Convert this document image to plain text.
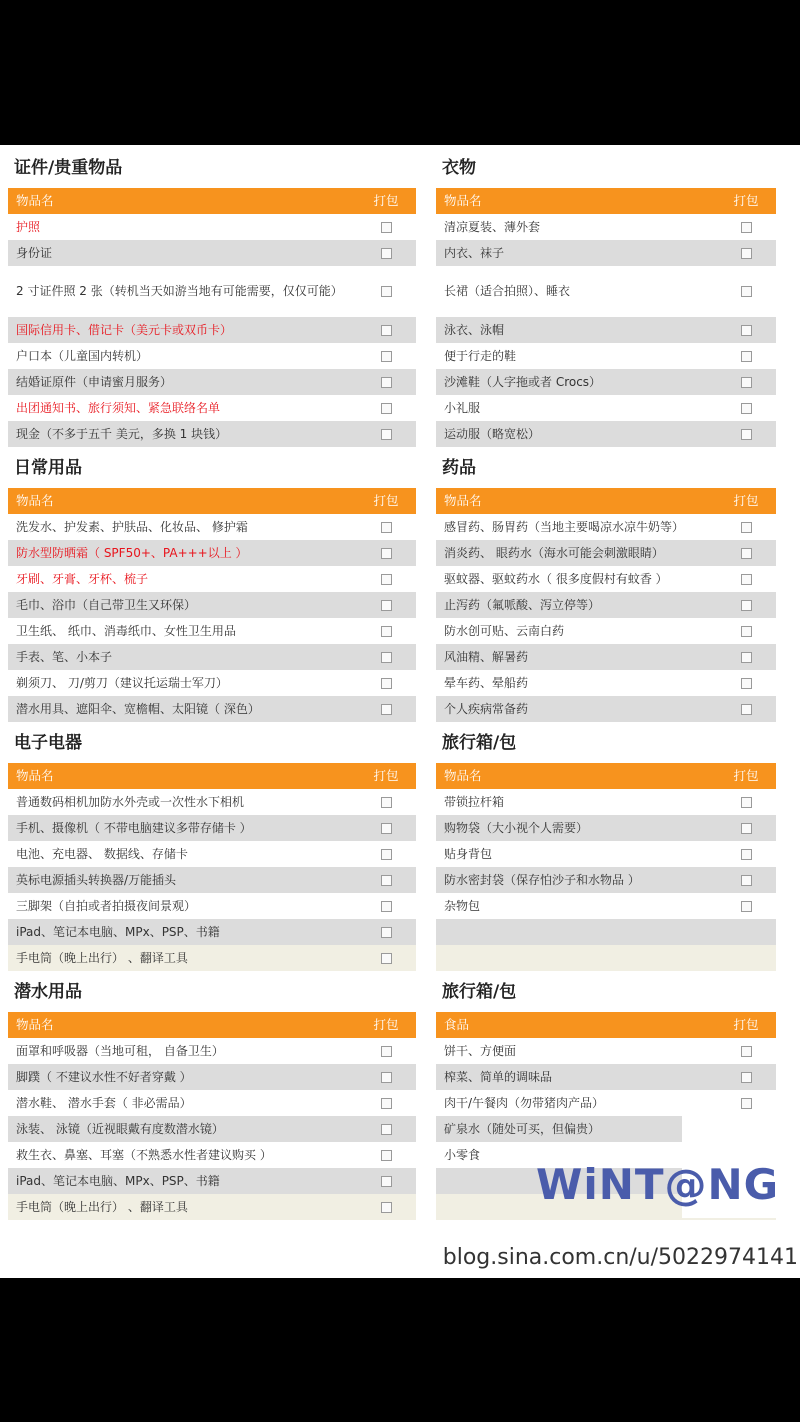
证件/贵重物品
物品名	打包
护照
身份证
2 寸证件照 2 张（转机当天如游当地有可能需要，仅仅可能）
国际信用卡、借记卡（美元卡或双币卡）
户口本（儿童国内转机）
结婚证原件（申请蜜月服务）
出团通知书、旅行须知、紧急联络名单
现金（不多于五千 美元，多换 1 块钱）
衣物
物品名	打包
清凉夏装、薄外套
内衣、袜子
长裙（适合拍照）、睡衣
泳衣、泳帽
便于行走的鞋
沙滩鞋（人字拖或者 Crocs）
小礼服
运动服（略宽松）
日常用品
物品名	打包
洗发水、护发素、护肤品、化妆品、 修护霜
防水型防晒霜（ SPF50+、PA+++以上 ）
牙刷、牙膏、牙杯、梳子
毛巾、浴巾（自己带卫生又环保）
卫生纸、 纸巾、消毒纸巾、女性卫生用品
手表、笔、小本子
剃须刀、 刀/剪刀（建议托运瑞士军刀）
潜水用具、遮阳伞、宽檐帽、太阳镜（ 深色）
药品
物品名	打包
感冒药、肠胃药（当地主要喝凉水凉牛奶等）
消炎药、 眼药水（海水可能会刺激眼睛）
驱蚊器、驱蚊药水（ 很多度假村有蚊香 ）
止泻药（氟哌酸、泻立停等）
防水创可贴、云南白药
风油精、解暑药
晕车药、晕船药
个人疾病常备药
电子电器
物品名	打包
普通数码相机加防水外壳或一次性水下相机
手机、摄像机（ 不带电脑建议多带存储卡 ）
电池、充电器、 数据线、存储卡
英标电源插头转换器/万能插头
三脚架（自拍或者拍摄夜间景观）
iPad、笔记本电脑、MPx、PSP、书籍
手电筒（晚上出行） 、翻译工具
旅行箱/包
物品名	打包
带锁拉杆箱
购物袋（大小视个人需要）
贴身背包
防水密封袋（保存怕沙子和水物品 ）
杂物包
潜水用品
物品名	打包
面罩和呼吸器（当地可租， 自备卫生）
脚蹼（ 不建议水性不好者穿戴 ）
潜水鞋、 潜水手套（ 非必需品）
泳装、 泳镜（近视眼戴有度数潜水镜）
救生衣、鼻塞、耳塞（不熟悉水性者建议购买 ）
iPad、笔记本电脑、MPx、PSP、书籍
手电筒（晚上出行） 、翻译工具
旅行箱/包
食品	打包
饼干、方便面
榨菜、简单的调味品
肉干/午餐肉（勿带猪肉产品）
矿泉水（随处可买，但偏贵）
小零食
WiNT@NG
blog.sina.com.cn/u/5022974141
